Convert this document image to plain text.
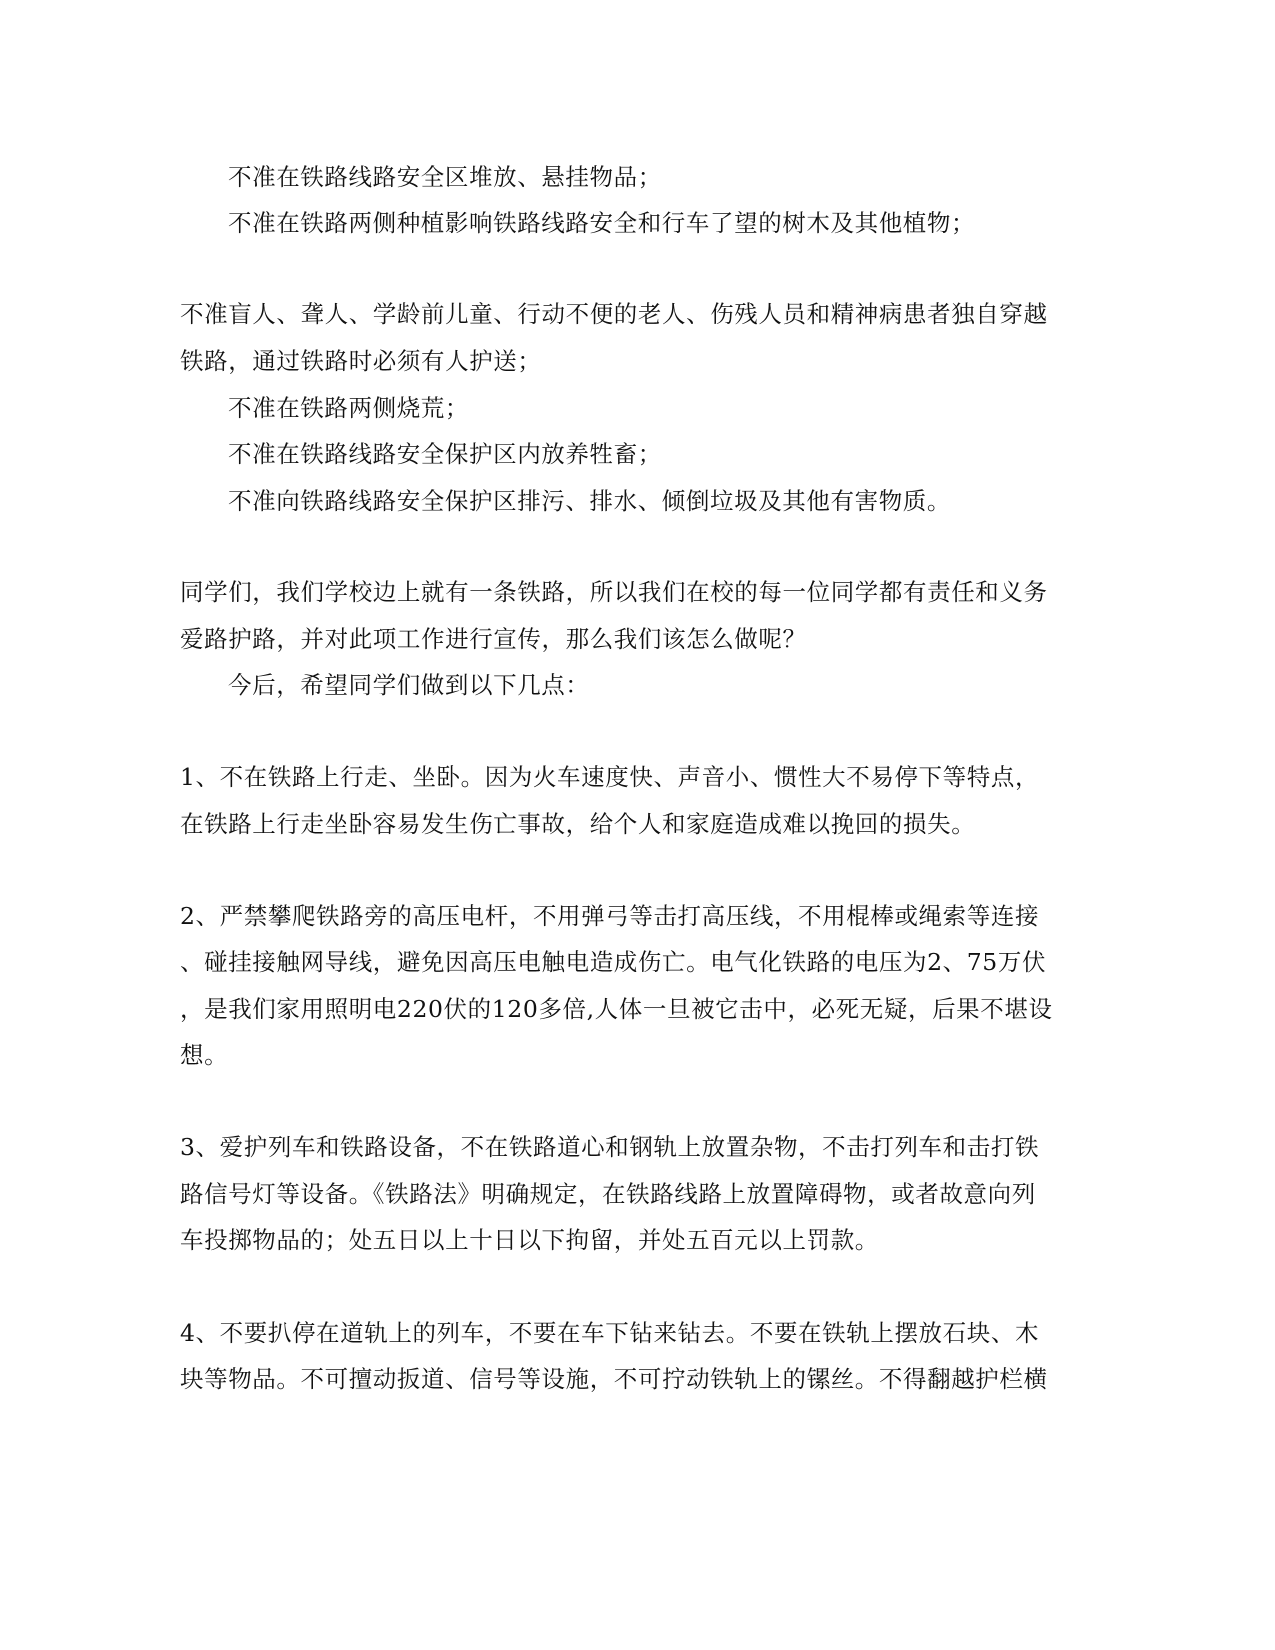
不准在铁路线路安全区堆放、悬挂物品；
不准在铁路两侧种植影响铁路线路安全和行车了望的树木及其他植物；
不准盲人、聋人、学龄前儿童、行动不便的老人、伤残人员和精神病患者独自穿越
铁路，通过铁路时必须有人护送；
不准在铁路两侧烧荒；
不准在铁路线路安全保护区内放养牲畜；
不准向铁路线路安全保护区排污、排水、倾倒垃圾及其他有害物质。
同学们，我们学校边上就有一条铁路，所以我们在校的每一位同学都有责任和义务
爱路护路，并对此项工作进行宣传，那么我们该怎么做呢？
今后，希望同学们做到以下几点：
1、不在铁路上行走、坐卧。因为火车速度快、声音小、惯性大不易停下等特点，
在铁路上行走坐卧容易发生伤亡事故，给个人和家庭造成难以挽回的损失。
2、严禁攀爬铁路旁的高压电杆，不用弹弓等击打高压线，不用棍棒或绳索等连接
、碰挂接触网导线，避免因高压电触电造成伤亡。电气化铁路的电压为2、75万伏
，是我们家用照明电220伏的120多倍,人体一旦被它击中，必死无疑，后果不堪设
想。
3、爱护列车和铁路设备，不在铁路道心和钢轨上放置杂物，不击打列车和击打铁
路信号灯等设备。《铁路法》明确规定，在铁路线路上放置障碍物，或者故意向列
车投掷物品的；处五日以上十日以下拘留，并处五百元以上罚款。
4、不要扒停在道轨上的列车，不要在车下钻来钻去。不要在铁轨上摆放石块、木
块等物品。不可擅动扳道、信号等设施，不可拧动铁轨上的镙丝。不得翻越护栏横
